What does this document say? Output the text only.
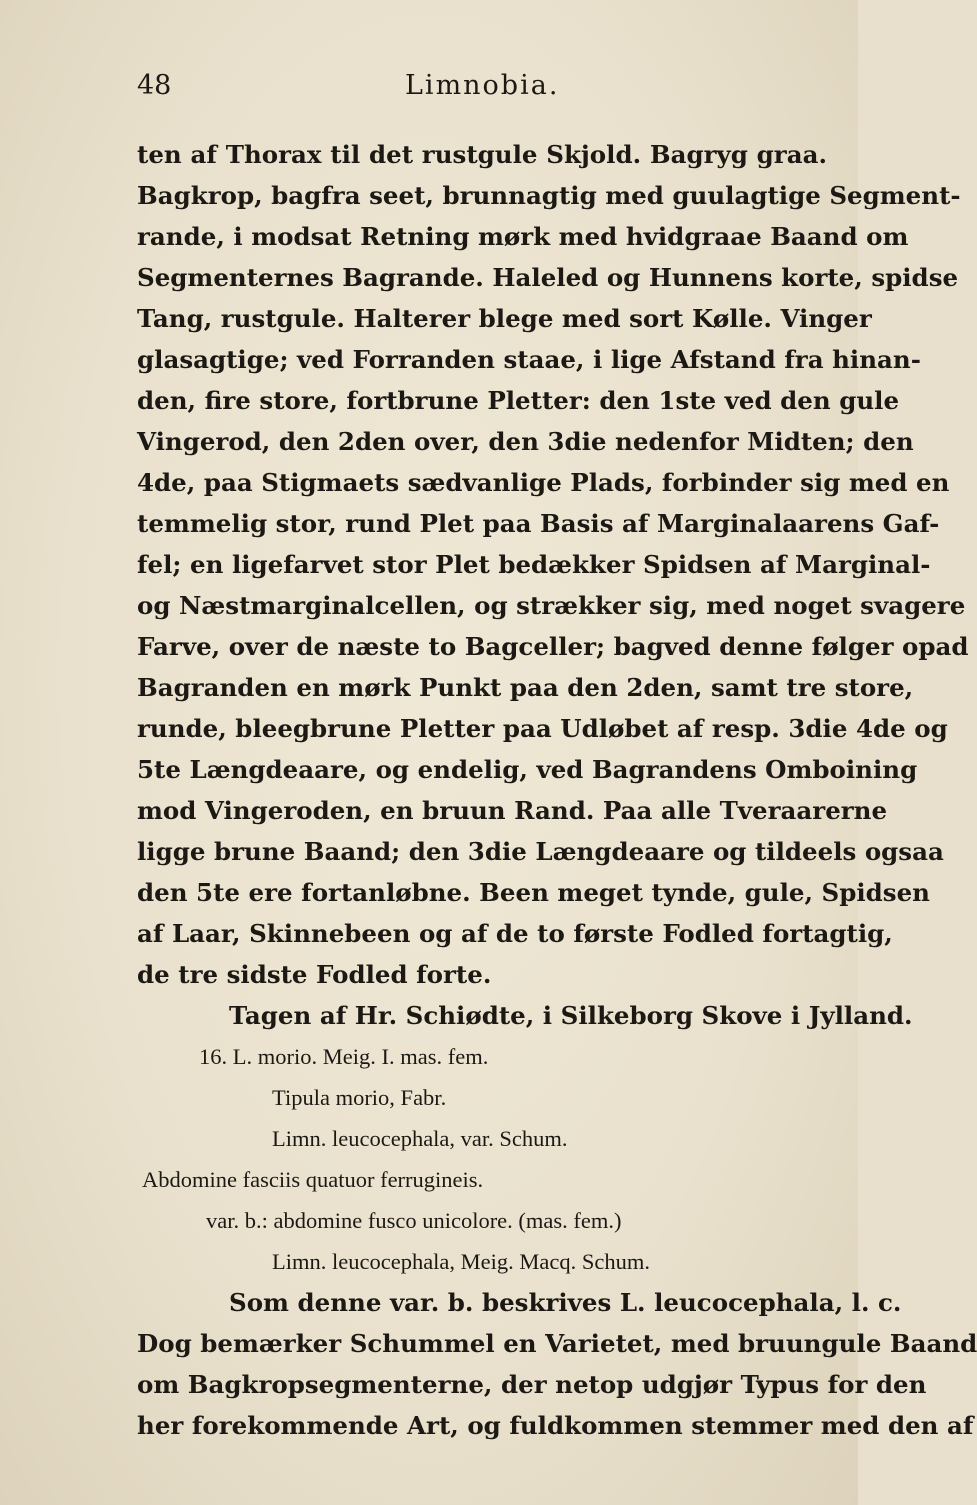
48	Limnobia.
ten af Thorax til det rustgule Skjold. Bagryg graa.
Bagkrop, bagfra seet, brunnagtig med guulagtige Segment-
rande, i modsat Retning mørk med hvidgraae Baand om
Segmenternes Bagrande. Haleled og Hunnens korte, spidse
Tang, rustgule. Halterer blege med sort Kølle. Vinger
glasagtige; ved Forranden staae, i lige Afstand fra hinan-
den, fire store, fortbrune Pletter: den 1ste ved den gule
Vingerod, den 2den over, den 3die nedenfor Midten; den
4de, paa Stigmaets sædvanlige Plads, forbinder sig med en
temmelig stor, rund Plet paa Basis af Marginalaarens Gaf-
fel; en ligefarvet stor Plet bedækker Spidsen af Marginal-
og Næstmarginalcellen, og strækker sig, med noget svagere
Farve, over de næste to Bagceller; bagved denne følger opad
Bagranden en mørk Punkt paa den 2den, samt tre store,
runde, bleegbrune Pletter paa Udløbet af resp. 3die 4de og
5te Længdeaare, og endelig, ved Bagrandens Omboining
mod Vingeroden, en bruun Rand. Paa alle Tveraarerne
ligge brune Baand; den 3die Længdeaare og tildeels ogsaa
den 5te ere fortanløbne. Been meget tynde, gule, Spidsen
af Laar, Skinnebeen og af de to første Fodled fortagtig,
de tre sidste Fodled forte.
Tagen af Hr. Schiødte, i Silkeborg Skove i Jylland.
16. L. morio. Meig. I. mas. fem.
Tipula morio, Fabr.
Limn. leucocephala, var. Schum.
Abdomine fasciis quatuor ferrugineis.
var. b.: abdomine fusco unicolore. (mas. fem.)
Limn. leucocephala, Meig. Macq. Schum.
Som denne var. b. beskrives L. leucocephala, l. c.
Dog bemærker Schummel en Varietet, med bruungule Baand
om Bagkropsegmenterne, der netop udgjør Typus for den
her forekommende Art, og fuldkommen stemmer med den af
